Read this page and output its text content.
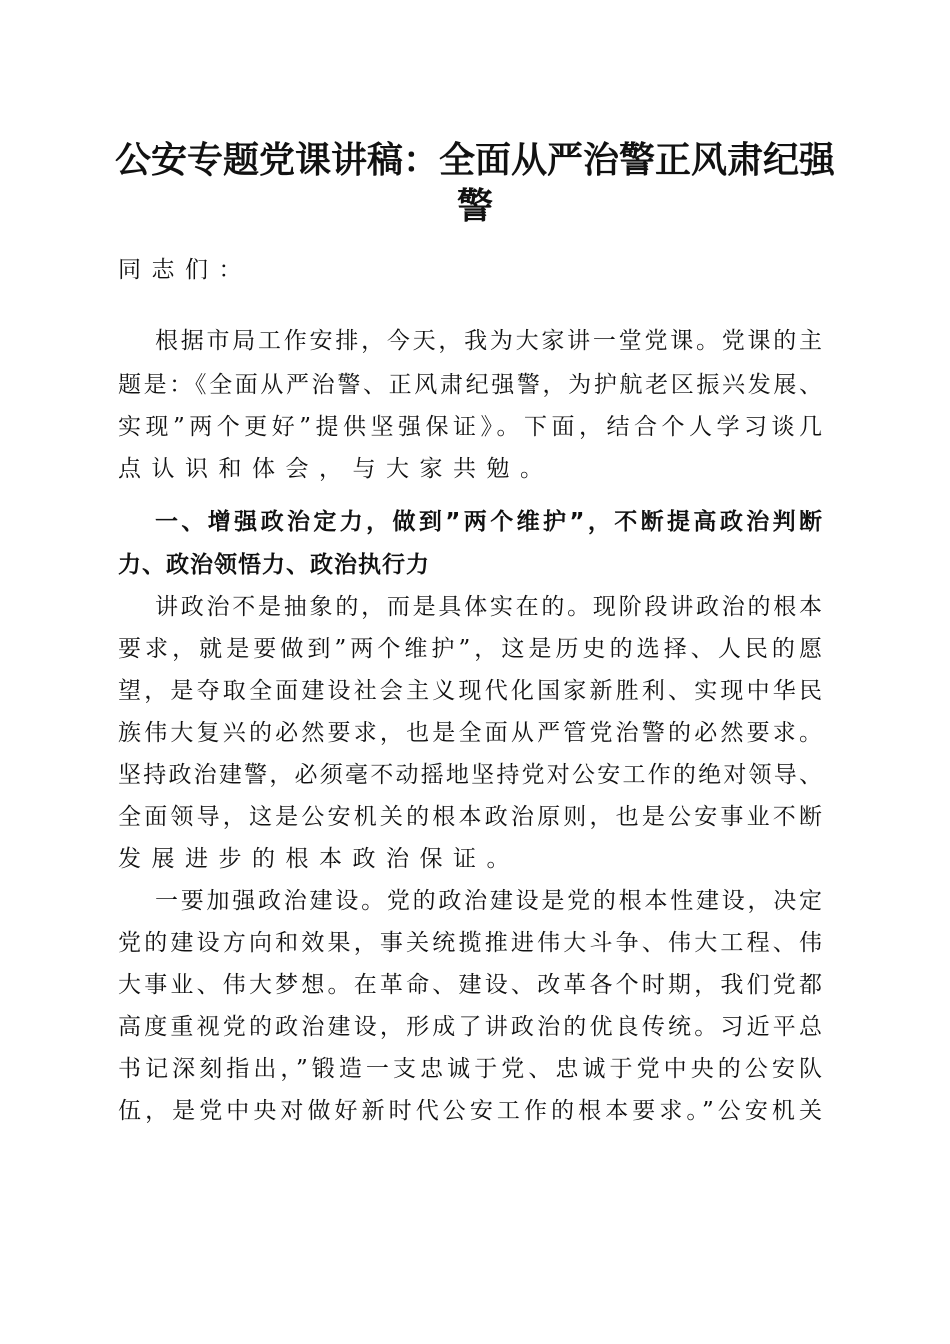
公安专题党课讲稿：全面从严治警正风肃纪强
警
同志们：
根据市局工作安排，今天，我为大家讲一堂党课。党课的主
题是：《全面从严治警、正风肃纪强警，为护航老区振兴发展、
实现”两个更好”提供坚强保证》。下面，结合个人学习谈几
点认识和体会，与大家共勉。
一、增强政治定力，做到”两个维护”，不断提高政治判断
力、政治领悟力、政治执行力
讲政治不是抽象的，而是具体实在的。现阶段讲政治的根本
要求，就是要做到”两个维护”，这是历史的选择、人民的愿
望，是夺取全面建设社会主义现代化国家新胜利、实现中华民
族伟大复兴的必然要求，也是全面从严管党治警的必然要求。
坚持政治建警，必须毫不动摇地坚持党对公安工作的绝对领导、
全面领导，这是公安机关的根本政治原则，也是公安事业不断
发展进步的根本政治保证。
一要加强政治建设。党的政治建设是党的根本性建设，决定
党的建设方向和效果，事关统揽推进伟大斗争、伟大工程、伟
大事业、伟大梦想。在革命、建设、改革各个时期，我们党都
高度重视党的政治建设，形成了讲政治的优良传统。习近平总
书记深刻指出，”锻造一支忠诚于党、忠诚于党中央的公安队
伍，是党中央对做好新时代公安工作的根本要求。”公安机关
